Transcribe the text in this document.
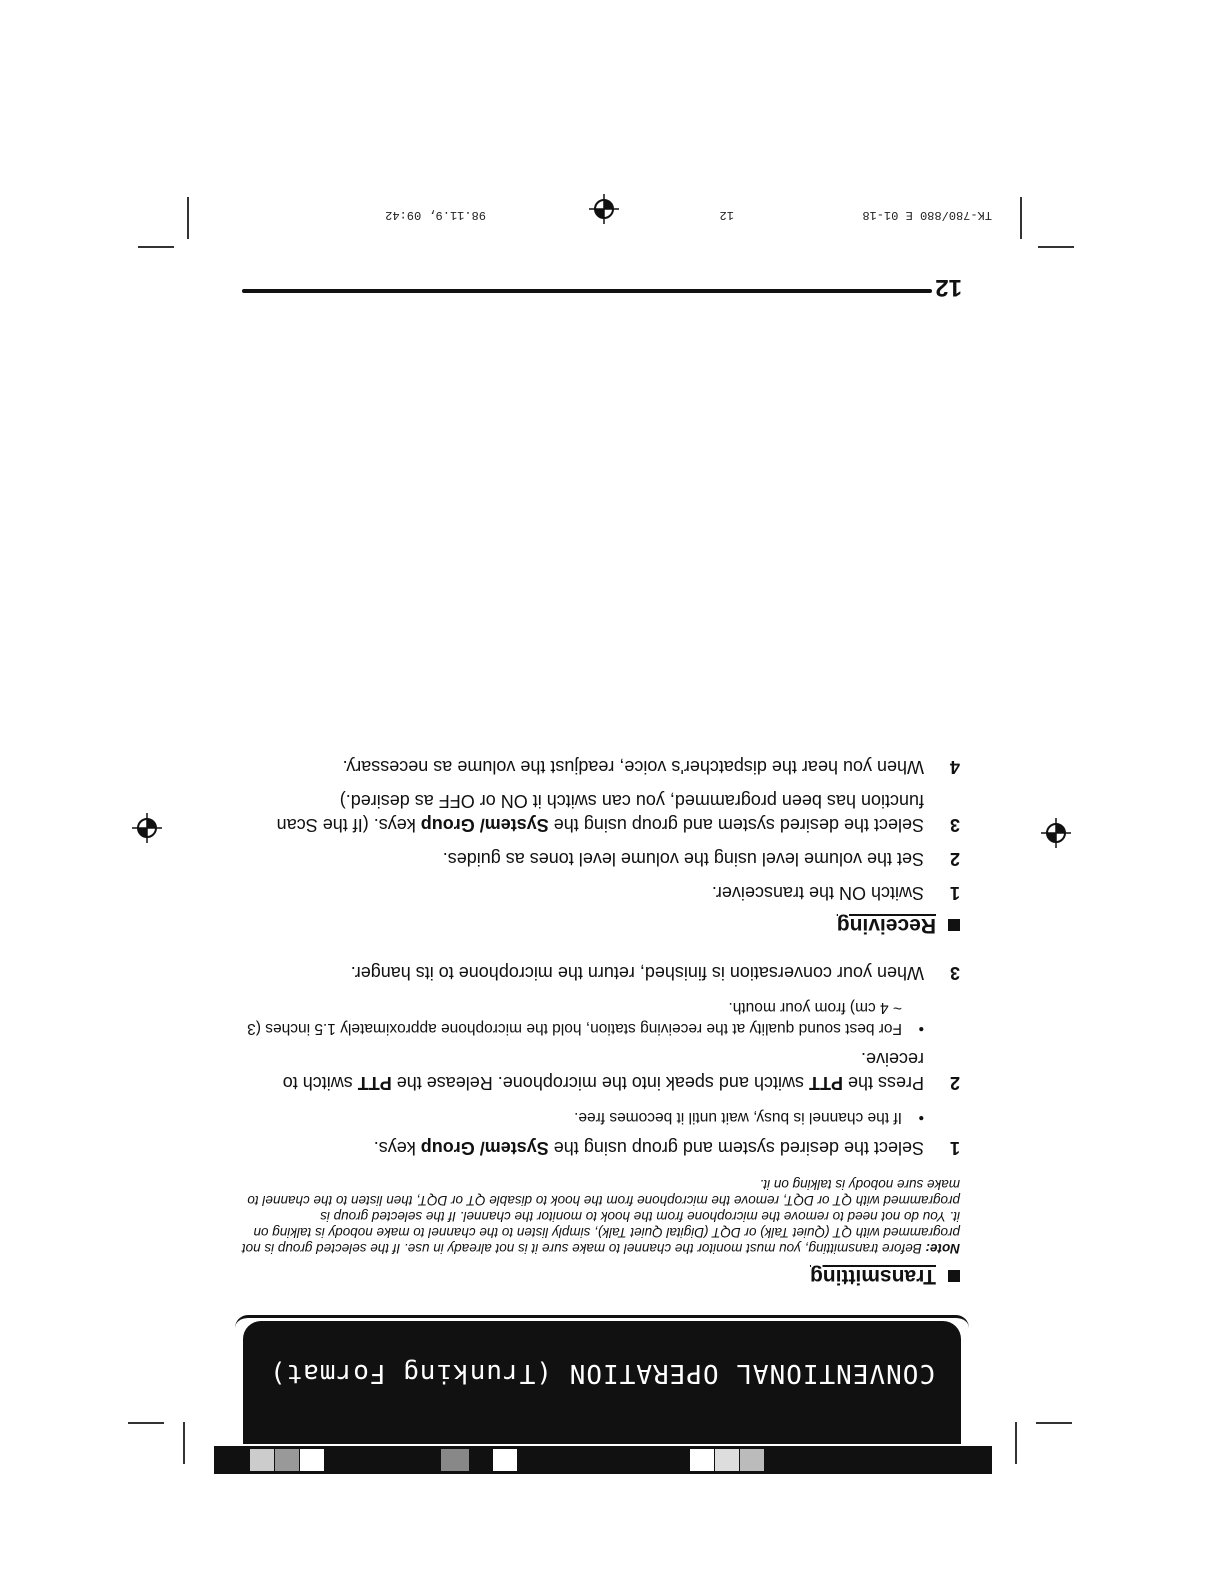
TK-780/880 E 01-18
12
98.11.9, 09:42
12
CONVENTIONAL OPERATION (Trunking Format)
Transmitting
Note: Before transmitting, you must monitor the channel to make sure it is not already in use. If the selected group is not programmed with QT (Quiet Talk) or DQT (Digital Quiet Talk), simply listen to the channel to make nobody is talking on it. You do not need to remove the microphone from the hook to monitor the channel. If the selected group is programmed with QT or DQT, remove the microphone from the hook to disable QT or DQT, then listen to the channel to make sure nobody is talking on it.
1
Select the desired system and group using the System/ Group keys.
•
If the channel is busy, wait until it becomes free.
2
Press the PTT switch and speak into the microphone. Release the PTT switch to receive.
•
For best sound quality at the receiving station, hold the microphone approximately 1.5 inches (3 ~ 4 cm) from your mouth.
3
When your conversation is finished, return the microphone to its hanger.
Receiving
1
Switch ON the transceiver.
2
Set the volume level using the volume level tones as guides.
3
Select the desired system and group using the System/ Group keys. (If the Scan function has been programmed, you can switch it ON or OFF as desired.)
4
When you hear the dispatcher's voice, readjust the volume as necessary.
